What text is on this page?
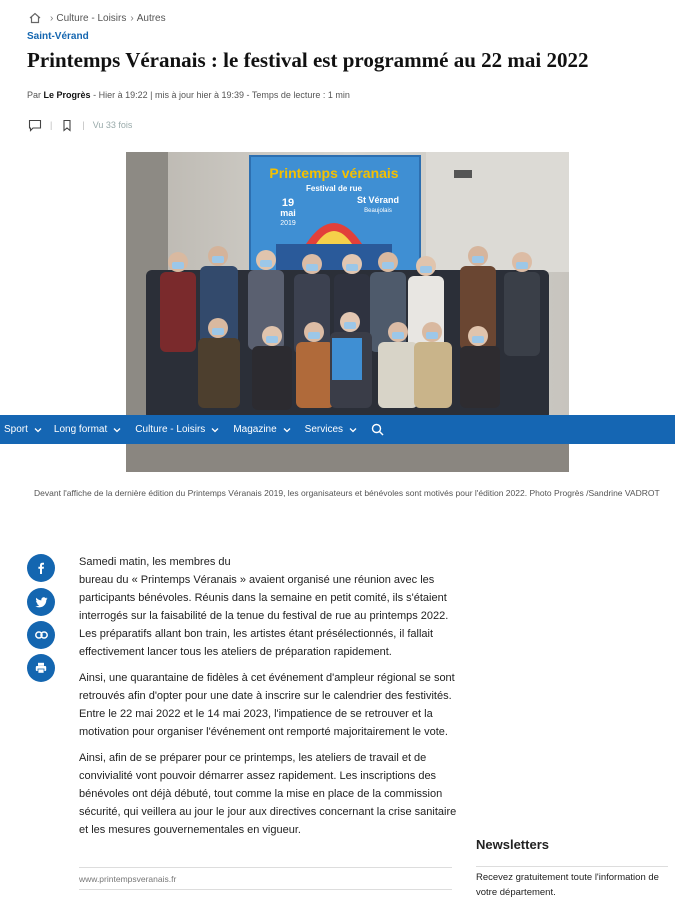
› Culture - Loisirs › Autres
Saint-Vérand
Printemps Véranais : le festival est programmé au 22 mai 2022
Par Le Progrès - Hier à 19:22 | mis à jour hier à 19:39 - Temps de lecture : 1 min
|	| Vu 33 fois
Printemps véranais
Festival de rue
19
mai
2019
St Vérand
Beaujolais
Sport	Long format	Culture - Loisirs	Magazine	Services
Devant l'affiche de la dernière édition du Printemps Véranais 2019, les organisateurs et bénévoles sont motivés pour l'édition 2022. Photo Progrès /Sandrine VADROT

Samedi matin, les membres du
bureau du « Printemps Véranais » avaient organisé une réunion avec les participants bénévoles. Réunis dans la semaine en petit comité, ils s'étaient interrogés sur la faisabilité de la tenue du festival de rue au printemps 2022. Les préparatifs allant bon train, les artistes étant présélectionnés, il fallait effectivement lancer tous les ateliers de préparation rapidement.

Ainsi, une quarantaine de fidèles à cet événement d'ampleur régional se sont retrouvés afin d'opter pour une date à inscrire sur le calendrier des festivités. Entre le 22 mai 2022 et le 14 mai 2023, l'impatience de se retrouver et la motivation pour organiser l'événement ont remporté majoritairement le vote.

Ainsi, afin de se préparer pour ce printemps, les ateliers de travail et de convivialité vont pouvoir démarrer assez rapidement. Les inscriptions des bénévoles ont déjà débuté, tout comme la mise en place de la commission sécurité, qui veillera au jour le jour aux directives concernant la crise sanitaire et les mesures gouvernementales en vigueur.

www.printempsveranais.fr
Newsletters
Recevez gratuitement toute l'information de votre département.
